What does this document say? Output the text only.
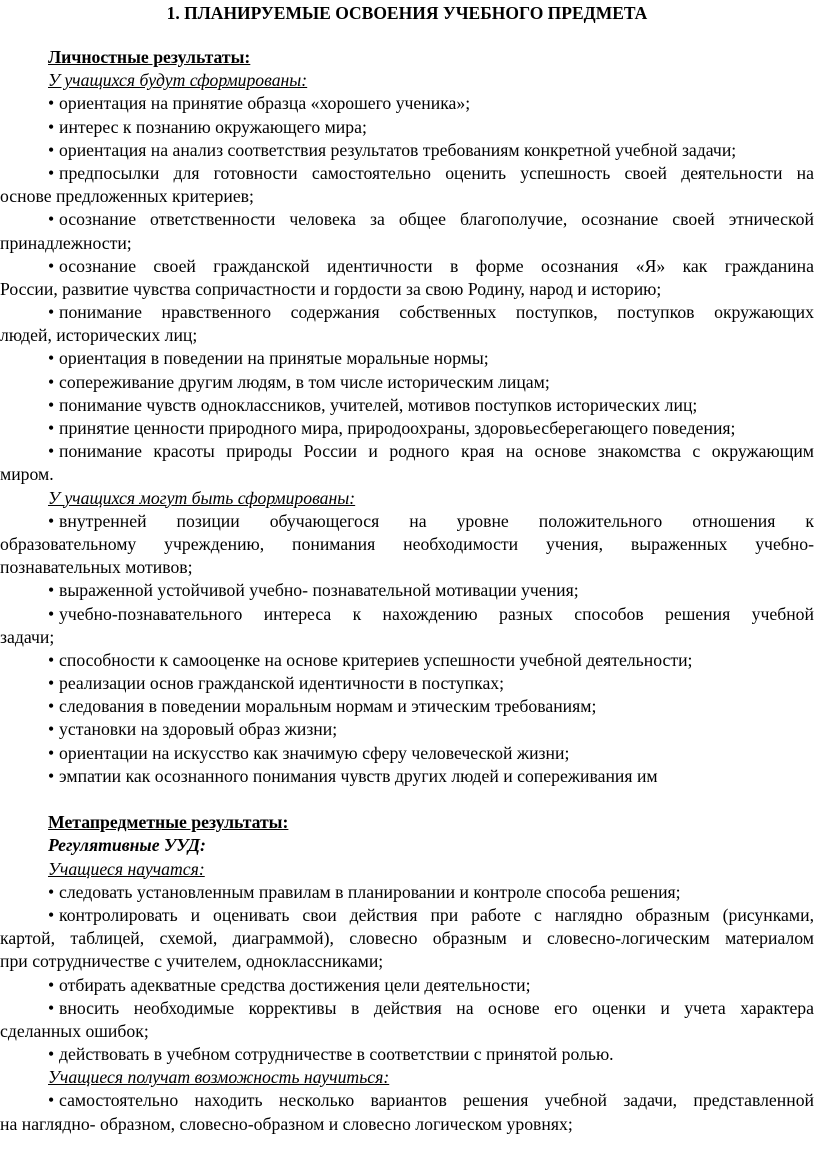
1. ПЛАНИРУЕМЫЕ ОСВОЕНИЯ УЧЕБНОГО ПРЕДМЕТА
Личностные результаты:
У учащихся будут сформированы:
• ориентация на принятие образца «хорошего ученика»;
• интерес к познанию окружающего мира;
• ориентация на анализ соответствия результатов требованиям конкретной учебной задачи;
• предпосылки для готовности самостоятельно оценить успешность своей деятельности на
основе предложенных критериев;
• осознание ответственности человека за общее благополучие, осознание своей этнической
принадлежности;
• осознание своей гражданской идентичности в форме осознания «Я» как гражданина
России, развитие чувства сопричастности и гордости за свою Родину, народ и историю;
• понимание нравственного содержания собственных поступков, поступков окружающих
людей, исторических лиц;
• ориентация в поведении на принятые моральные нормы;
• сопереживание другим людям, в том числе историческим лицам;
• понимание чувств одноклассников, учителей, мотивов поступков исторических лиц;
• принятие ценности природного мира, природоохраны, здоровьесберегающего поведения;
• понимание красоты природы России и родного края на основе знакомства с окружающим
миром.
У учащихся могут быть сформированы:
• внутренней позиции обучающегося на уровне положительного отношения к
образовательному учреждению, понимания необходимости учения, выраженных учебно-
познавательных мотивов;
• выраженной устойчивой учебно- познавательной мотивации учения;
• учебно-познавательного интереса к нахождению разных способов решения учебной
задачи;
• способности к самооценке на основе критериев успешности учебной деятельности;
• реализации основ гражданской идентичности в поступках;
• следования в поведении моральным нормам и этическим требованиям;
• установки на здоровый образ жизни;
• ориентации на искусство как значимую сферу человеческой жизни;
• эмпатии как осознанного понимания чувств других людей и сопереживания им
Метапредметные результаты:
Регулятивные УУД:
Учащиеся научатся:
• следовать установленным правилам в планировании и контроле способа решения;
• контролировать и оценивать свои действия при работе с наглядно образным (рисунками,
картой, таблицей, схемой, диаграммой), словесно образным и словесно-логическим материалом
при сотрудничестве с учителем, одноклассниками;
• отбирать адекватные средства достижения цели деятельности;
• вносить необходимые коррективы в действия на основе его оценки и учета характера
сделанных ошибок;
• действовать в учебном сотрудничестве в соответствии с принятой ролью.
Учащиеся получат возможность научиться:
• самостоятельно находить несколько вариантов решения учебной задачи, представленной
на наглядно- образном, словесно-образном и словесно логическом уровнях;
